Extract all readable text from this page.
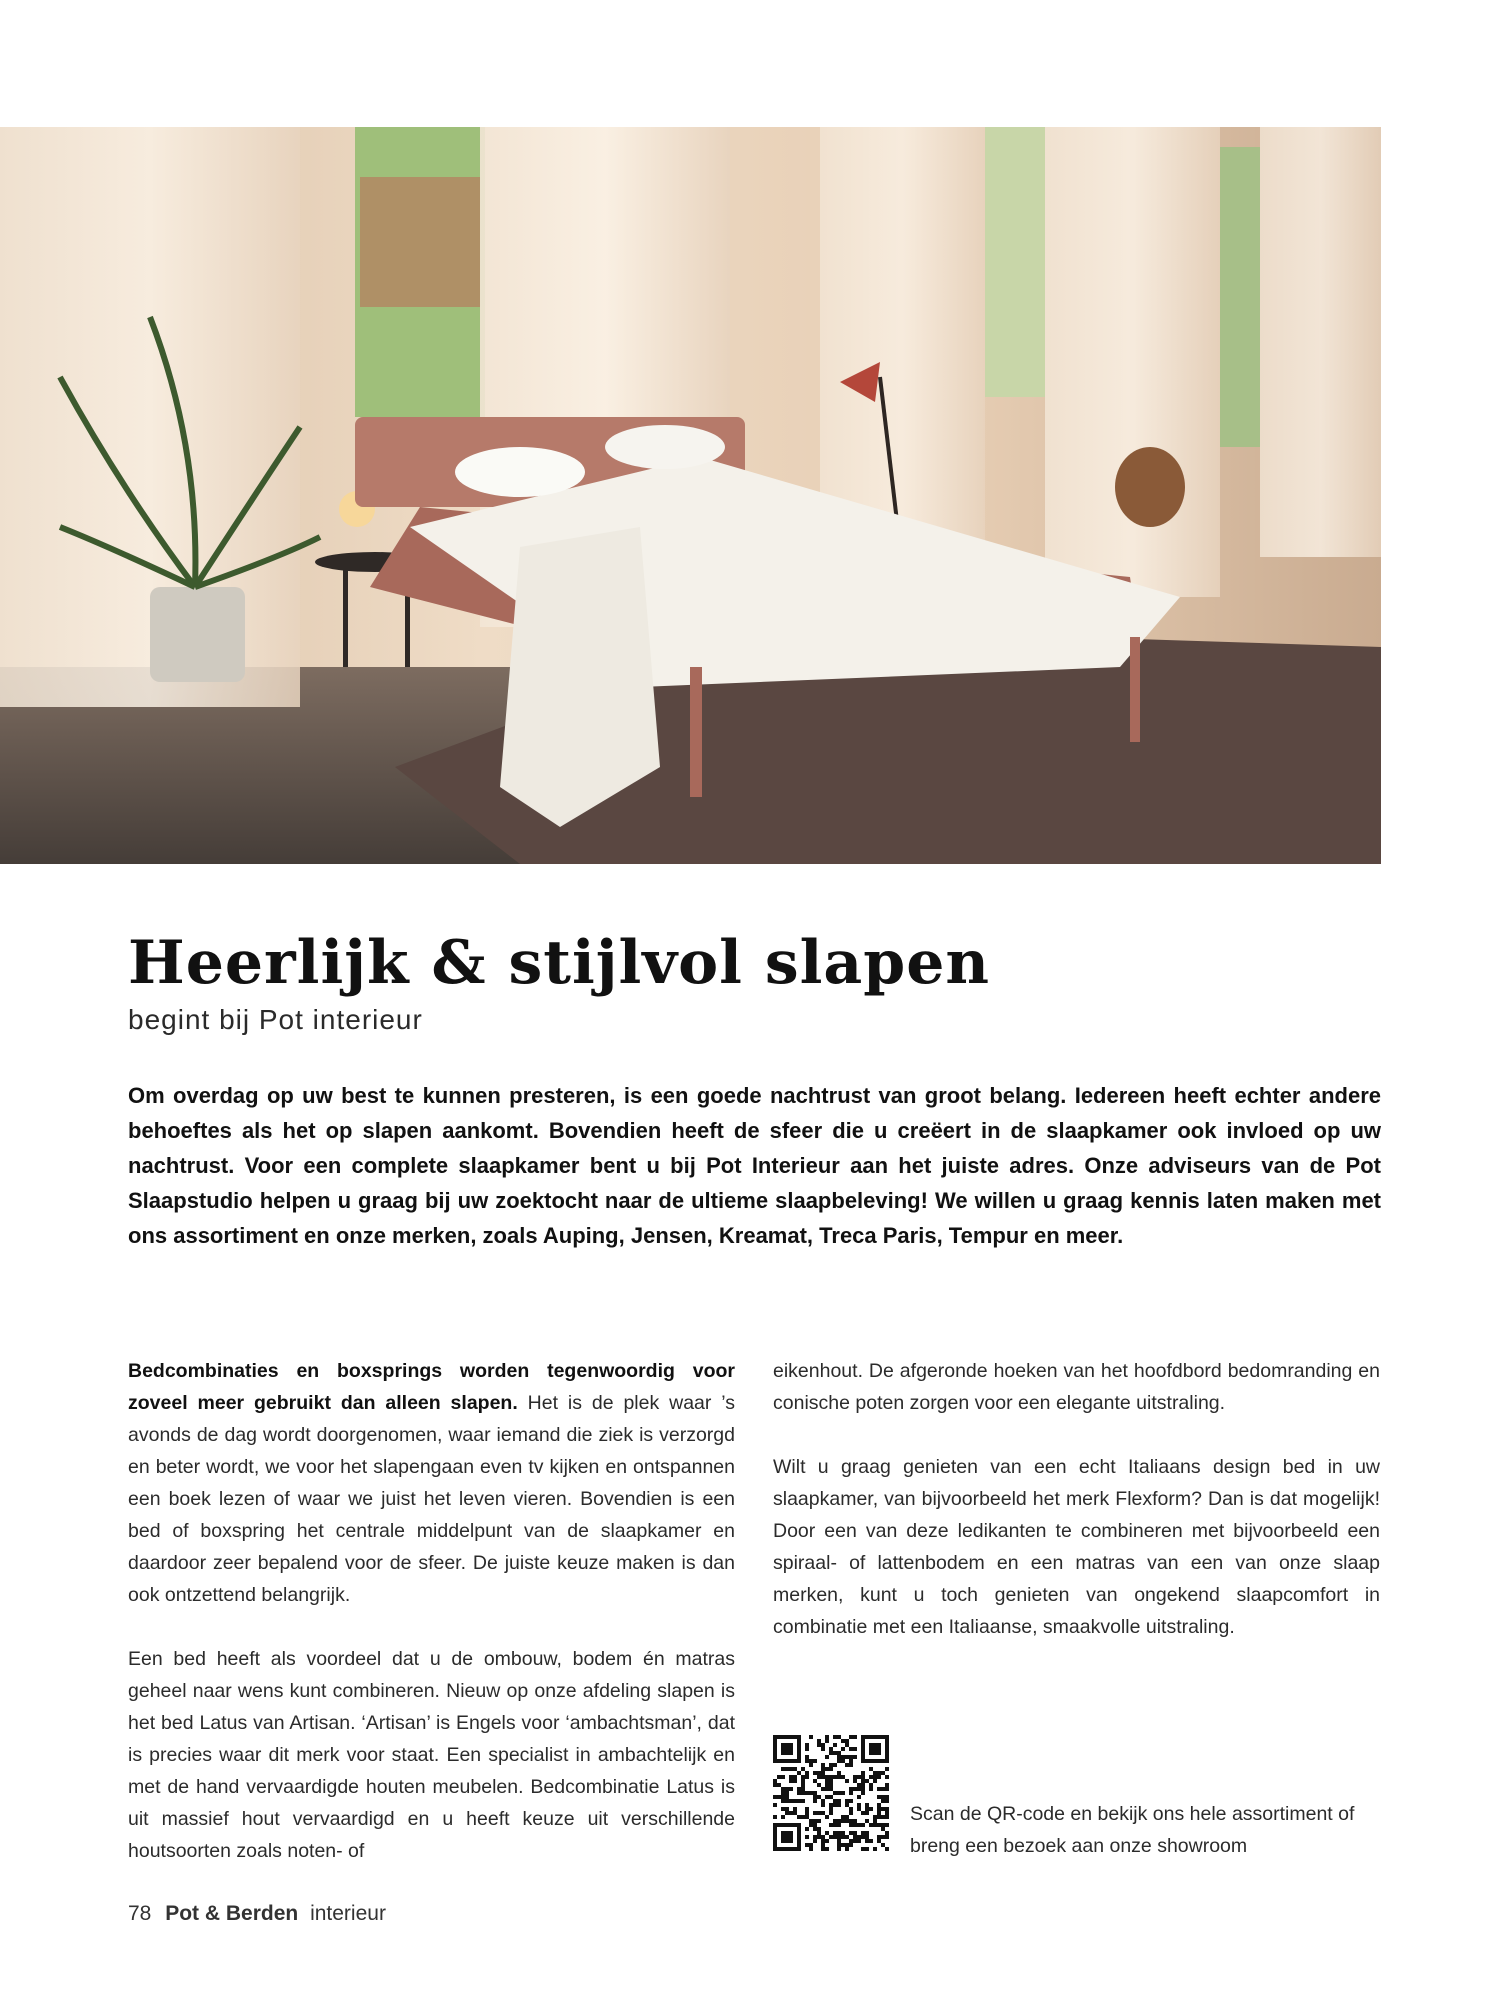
Heerlijk & stijlvol slapen
begint bij Pot interieur

Om overdag op uw best te kunnen presteren, is een goede nachtrust van groot belang. Iedereen heeft echter andere behoeftes als het op slapen aankomt. Bovendien heeft de sfeer die u creëert in de slaapkamer ook invloed op uw nachtrust. Voor een complete slaapkamer bent u bij Pot Interieur aan het juiste adres. Onze adviseurs van de Pot Slaapstudio helpen u graag bij uw zoektocht naar de ultieme slaapbeleving! We willen u graag kennis laten maken met ons assortiment en onze merken, zoals Auping, Jensen, Kreamat, Treca Paris, Tempur en meer.

Bedcombinaties en boxsprings worden tegenwoordig voor zoveel meer gebruikt dan alleen slapen. Het is de plek waar ’s avonds de dag wordt doorgenomen, waar iemand die ziek is verzorgd en beter wordt, we voor het slapengaan even tv kijken en ontspannen een boek lezen of waar we juist het leven vieren. Bovendien is een bed of boxspring het centrale middelpunt van de slaapkamer en daardoor zeer bepalend voor de sfeer. De juiste keuze maken is dan ook ontzettend belangrijk.

Een bed heeft als voordeel dat u de ombouw, bodem én matras geheel naar wens kunt combineren. Nieuw op onze afdeling slapen is het bed Latus van Artisan. ‘Artisan’ is Engels voor ‘ambachtsman’, dat is precies waar dit merk voor staat. Een specialist in ambachtelijk en met de hand vervaardigde houten meubelen. Bedcombinatie Latus is uit massief hout vervaardigd en u heeft keuze uit verschillende houtsoorten zoals noten- of

eikenhout. De afgeronde hoeken van het hoofdbord bedomranding en conische poten zorgen voor een elegante uitstraling.

Wilt u graag genieten van een echt Italiaans design bed in uw slaapkamer, van bijvoorbeeld het merk Flexform? Dan is dat mogelijk! Door een van deze ledikanten te combineren met bijvoorbeeld een spiraal- of lattenbodem en een matras van een van onze slaap merken, kunt u toch genieten van ongekend slaapcomfort in combinatie met een Italiaanse, smaakvolle uitstraling.

Scan de QR-code en bekijk ons hele assortiment of breng een bezoek aan onze showroom

78 Pot & Berden interieur
